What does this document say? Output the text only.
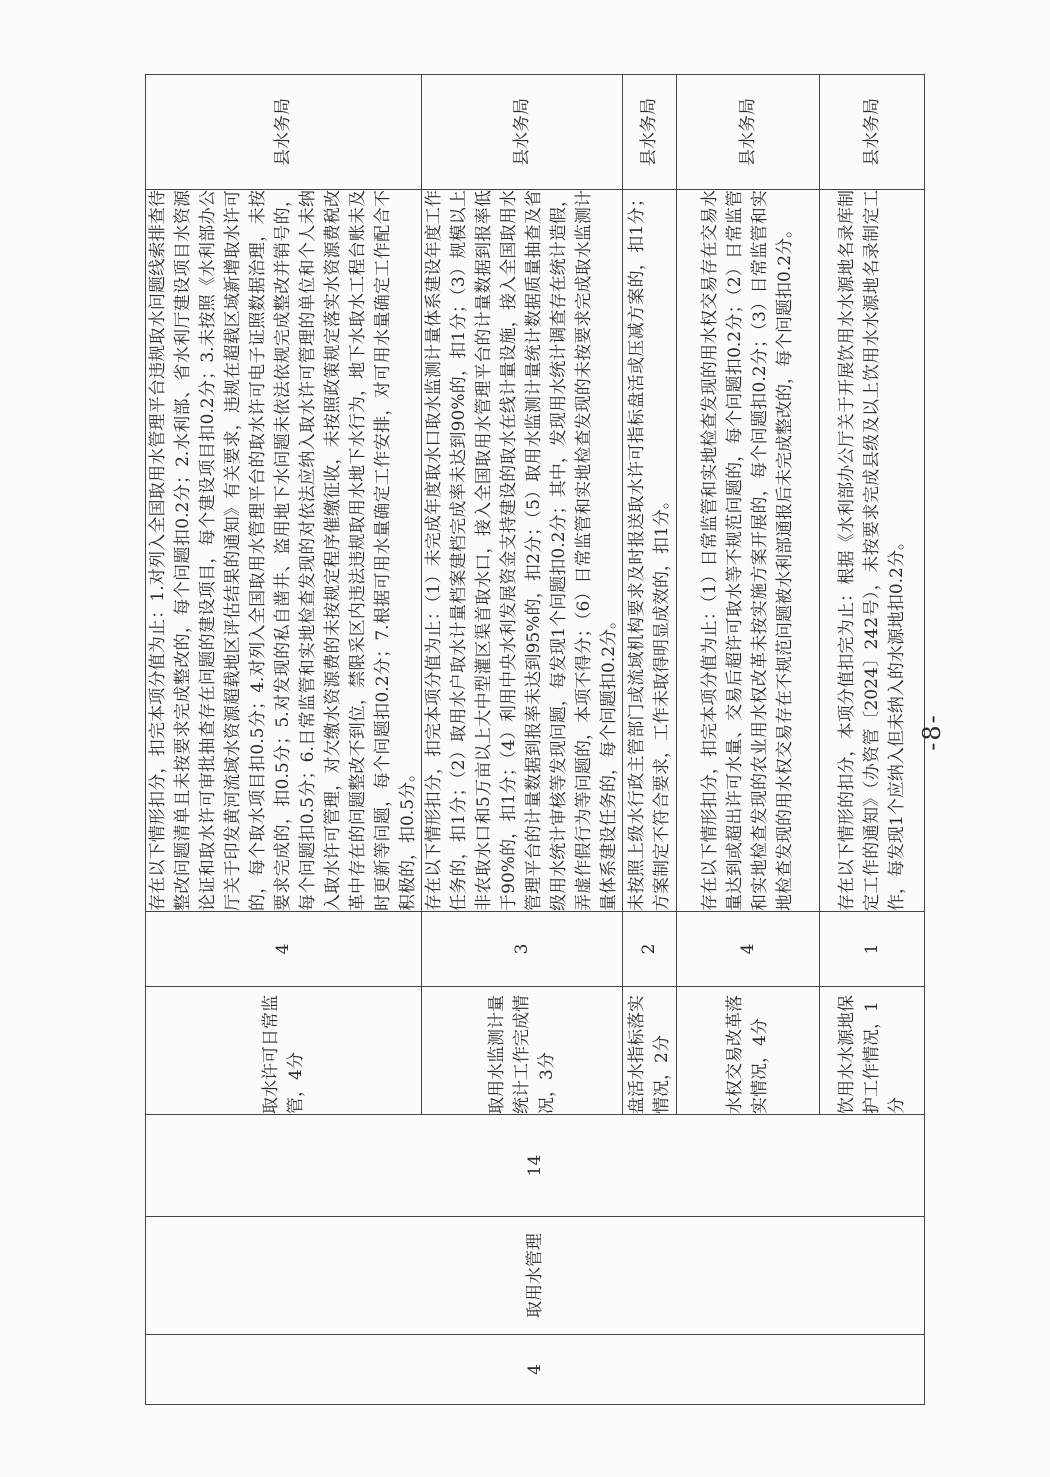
4	取用水管理	14	取水许可日常监管，4分	4	存在以下情形扣分，扣完本项分值为止：1.对列入全国取用水管理平台违规取水问题线索排查待整改问题清单且未按要求完成整改的，每个问题扣0.2分；2.水利部、省水利厅建设项目水资源论证和取水许可审批抽查存在问题的建设项目，每个建设项目扣0.2分；3.未按照《水利部办公厅关于印发黄河流域水资源超载地区评估结果的通知》有关要求，违规在超载区域新增取水许可的，每个取水项目扣0.5分；4.对列入全国取用水管理平台的取水许可电子证照数据治理，未按要求完成的，扣0.5分；5.对发现的私自凿井、盗用地下水问题未依法依规完成整改并销号的，每个问题扣0.5分；6.日常监管和实地检查发现的对依法应纳入取水许可管理的单位和个人未纳入取水许可管理，对欠缴水资源费的未按规定程序催缴征收，未按照政策规定落实水资源费税改革中存在的问题整改不到位，禁限采区内违法违规取用水地下水行为，地下水取水工程台账未及时更新等问题，每个问题扣0.2分；7.根据可用水量确定工作安排，对可用水量确定工作配合不积极的，扣0.5分。	县水务局
			取用水监测计量统计工作完成情况，3分	3	存在以下情形扣分，扣完本项分值为止：（1）未完成年度取水口取水监测计量体系建设年度工作任务的，扣1分；（2）取用水户取水计量档案建档完成率未达到90%的，扣1分；（3）规模以上非农取水口和5万亩以上大中型灌区渠首取水口，接入全国取用水管理平台的计量数据到报率低于90%的，扣1分；（4）利用中央水利发展资金支持建设的取水在线计量设施，接入全国取用水管理平台的计量数据到报率未达到95%的，扣2分；（5）取用水监测计量统计数据质量抽查及省级用水统计审核等发现问题，每发现1个问题扣0.2分；其中，发现用水统计调查存在统计造假，弄虚作假行为等问题的，本项不得分；（6）日常监管和实地检查发现的未按要求完成取水监测计量体系建设任务的，每个问题扣0.2分。	县水务局
			盘活水指标落实情况，2分	2	未按照上级水行政主管部门或流域机构要求及时报送取水许可指标盘活或压减方案的，扣1分；方案制定不符合要求，工作未取得明显成效的，扣1分。	县水务局
			水权交易改革落实情况，4分	4	存在以下情形扣分，扣完本项分值为止：（1）日常监管和实地检查发现的用水权交易存在交易水量达到或超出许可水量、交易后超许可取水等不规范问题的，每个问题扣0.2分；（2）日常监管和实地检查发现的农业用水权改革未按实施方案开展的，每个问题扣0.2分；（3）日常监管和实地检查发现的用水权交易存在不规范问题被水利部通报后未完成整改的，每个问题扣0.2分。	县水务局
			饮用水水源地保护工作情况，1分	1	存在以下情形的扣分，本项分值扣完为止：根据《水利部办公厅关于开展饮用水水源地名录库制定工作的通知》（办资管〔2024〕242号），未按要求完成县级及以上饮用水水源地名录制定工作，每发现1个应纳入但未纳入的水源地扣0.2分。	县水务局
-8-
